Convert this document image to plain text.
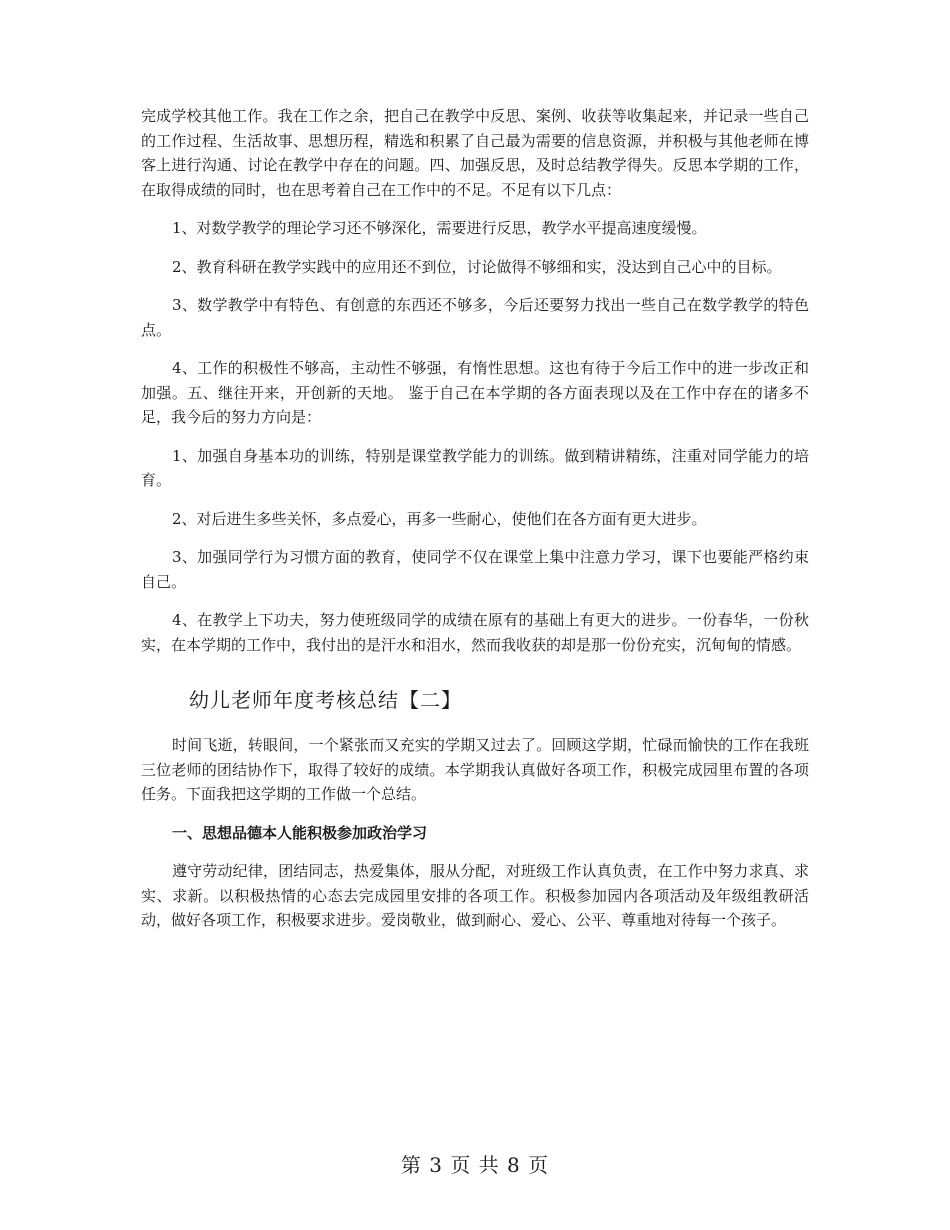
完成学校其他工作。我在工作之余，把自己在教学中反思、案例、收获等收集起来，并记录一些自己的工作过程、生活故事、思想历程，精选和积累了自己最为需要的信息资源，并积极与其他老师在博客上进行沟通、讨论在教学中存在的问题。四、加强反思，及时总结教学得失。反思本学期的工作，在取得成绩的同时，也在思考着自己在工作中的不足。不足有以下几点：

1、对数学教学的理论学习还不够深化，需要进行反思，教学水平提高速度缓慢。

2、教育科研在教学实践中的应用还不到位，讨论做得不够细和实，没达到自己心中的目标。

3、数学教学中有特色、有创意的东西还不够多，今后还要努力找出一些自己在数学教学的特色点。

4、工作的积极性不够高，主动性不够强，有惰性思想。这也有待于今后工作中的进一步改正和加强。五、继往开来，开创新的天地。 鉴于自己在本学期的各方面表现以及在工作中存在的诸多不足，我今后的努力方向是：

1、加强自身基本功的训练，特别是课堂教学能力的训练。做到精讲精练，注重对同学能力的培育。

2、对后进生多些关怀，多点爱心，再多一些耐心，使他们在各方面有更大进步。

3、加强同学行为习惯方面的教育，使同学不仅在课堂上集中注意力学习，课下也要能严格约束自己。

4、在教学上下功夫，努力使班级同学的成绩在原有的基础上有更大的进步。一份春华，一份秋实，在本学期的工作中，我付出的是汗水和泪水，然而我收获的却是那一份份充实，沉甸甸的情感。

幼儿老师年度考核总结【二】

时间飞逝，转眼间，一个紧张而又充实的学期又过去了。回顾这学期，忙碌而愉快的工作在我班三位老师的团结协作下，取得了较好的成绩。本学期我认真做好各项工作，积极完成园里布置的各项任务。下面我把这学期的工作做一个总结。

一、思想品德本人能积极参加政治学习

遵守劳动纪律，团结同志，热爱集体，服从分配，对班级工作认真负责，在工作中努力求真、求实、求新。以积极热情的心态去完成园里安排的各项工作。积极参加园内各项活动及年级组教研活动，做好各项工作，积极要求进步。爱岗敬业，做到耐心、爱心、公平、尊重地对待每一个孩子。

第 3 页 共 8 页
